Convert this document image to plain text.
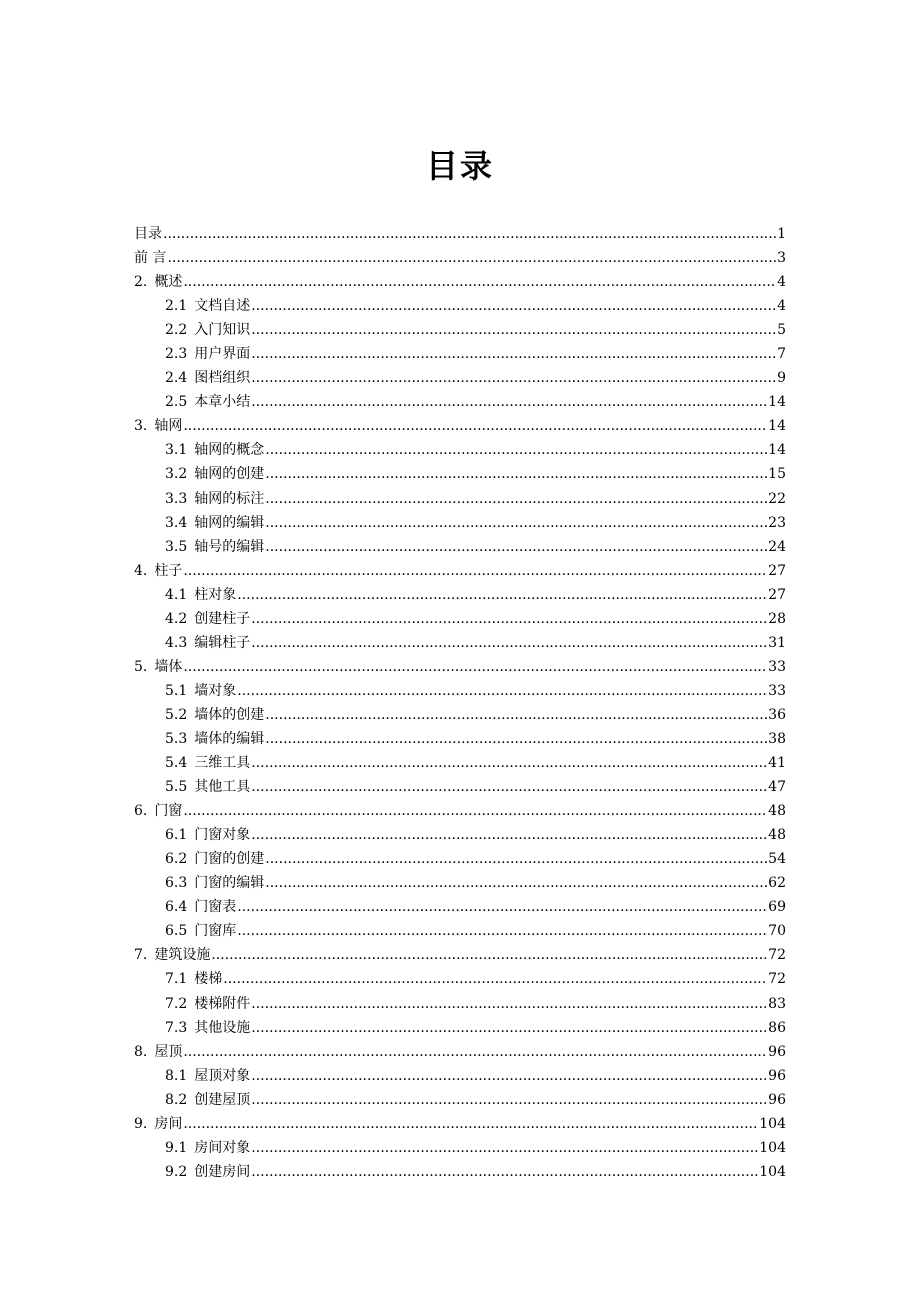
目录
目录 .....	1
前 言 .....	3
2. 概述 .....	4
2.1 文档自述 .....	4
2.2 入门知识 .....	5
2.3 用户界面 .....	7
2.4 图档组织 .....	9
2.5 本章小结 .....	14
3. 轴网 .....	14
3.1 轴网的概念 .....	14
3.2 轴网的创建 .....	15
3.3 轴网的标注 .....	22
3.4 轴网的编辑 .....	23
3.5 轴号的编辑 .....	24
4. 柱子 .....	27
4.1 柱对象 .....	27
4.2 创建柱子 .....	28
4.3 编辑柱子 .....	31
5. 墙体 .....	33
5.1 墙对象 .....	33
5.2 墙体的创建 .....	36
5.3 墙体的编辑 .....	38
5.4 三维工具 .....	41
5.5 其他工具 .....	47
6. 门窗 .....	48
6.1 门窗对象 .....	48
6.2 门窗的创建 .....	54
6.3 门窗的编辑 .....	62
6.4 门窗表 .....	69
6.5 门窗库 .....	70
7. 建筑设施 .....	72
7.1 楼梯 .....	72
7.2 楼梯附件 .....	83
7.3 其他设施 .....	86
8. 屋顶 .....	96
8.1 屋顶对象 .....	96
8.2 创建屋顶 .....	96
9. 房间 .....	104
9.1 房间对象 .....	104
9.2 创建房间 .....	104
